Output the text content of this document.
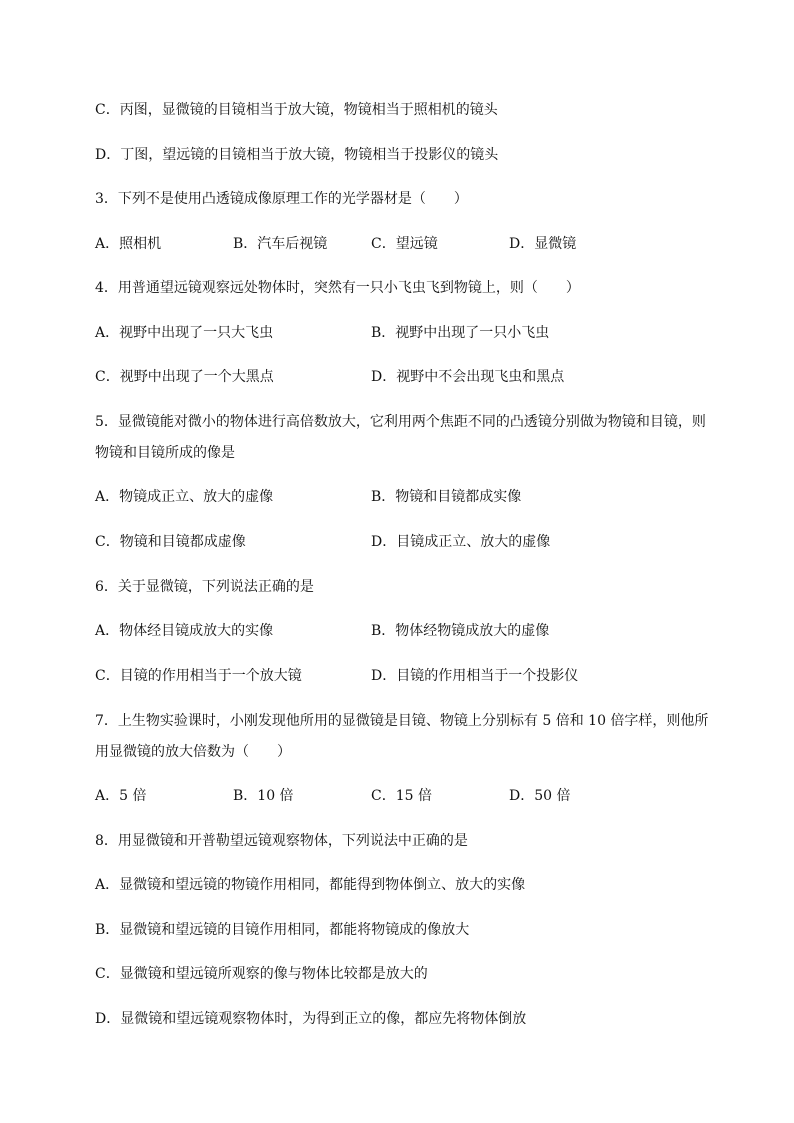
C．丙图，显微镜的目镜相当于放大镜，物镜相当于照相机的镜头
D．丁图，望远镜的目镜相当于放大镜，物镜相当于投影仪的镜头
3．下列不是使用凸透镜成像原理工作的光学器材是（　　）
A．照相机	B．汽车后视镜	C．望远镜	D．显微镜
4．用普通望远镜观察远处物体时，突然有一只小飞虫飞到物镜上，则（　　）
A．视野中出现了一只大飞虫	B．视野中出现了一只小飞虫
C．视野中出现了一个大黑点	D．视野中不会出现飞虫和黑点
5．显微镜能对微小的物体进行高倍数放大，它利用两个焦距不同的凸透镜分别做为物镜和目镜，则
物镜和目镜所成的像是
A．物镜成正立、放大的虚像	B．物镜和目镜都成实像
C．物镜和目镜都成虚像	D．目镜成正立、放大的虚像
6．关于显微镜，下列说法正确的是
A．物体经目镜成放大的实像	B．物体经物镜成放大的虚像
C．目镜的作用相当于一个放大镜	D．目镜的作用相当于一个投影仪
7．上生物实验课时，小刚发现他所用的显微镜是目镜、物镜上分别标有 5 倍和 10 倍字样，则他所
用显微镜的放大倍数为（　　）
A．5 倍	B．10 倍	C．15 倍	D．50 倍
8．用显微镜和开普勒望远镜观察物体，下列说法中正确的是
A．显微镜和望远镜的物镜作用相同，都能得到物体倒立、放大的实像
B．显微镜和望远镜的目镜作用相同，都能将物镜成的像放大
C．显微镜和望远镜所观察的像与物体比较都是放大的
D．显微镜和望远镜观察物体时，为得到正立的像，都应先将物体倒放
